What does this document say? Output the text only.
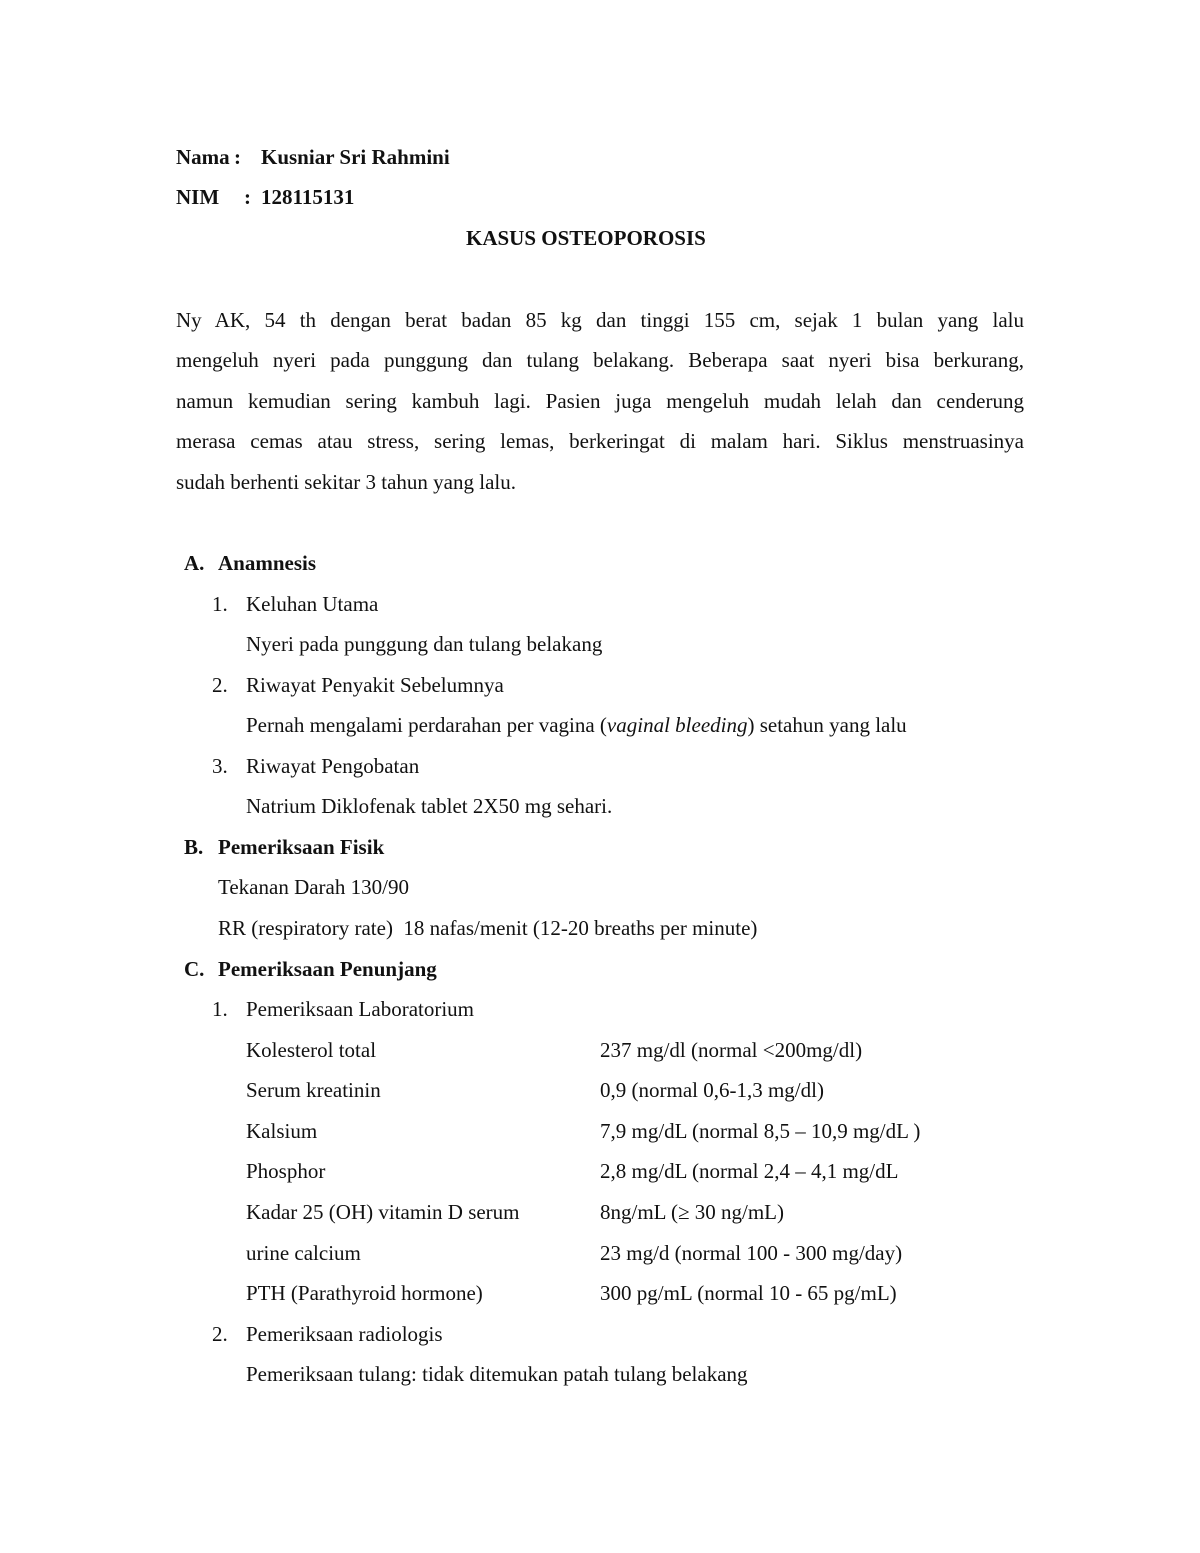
Nama : Kusniar Sri Rahmini
NIM : 128115131
KASUS OSTEOPOROSIS
Ny AK, 54 th dengan berat badan 85 kg dan tinggi 155 cm, sejak 1 bulan yang lalu
mengeluh nyeri pada punggung dan tulang belakang. Beberapa saat nyeri bisa berkurang,
namun kemudian sering kambuh lagi. Pasien juga mengeluh mudah lelah dan cenderung
merasa cemas atau stress, sering lemas, berkeringat di malam hari. Siklus menstruasinya
sudah berhenti sekitar 3 tahun yang lalu.
A. Anamnesis
1. Keluhan Utama
Nyeri pada punggung dan tulang belakang
2. Riwayat Penyakit Sebelumnya
Pernah mengalami perdarahan per vagina (vaginal bleeding) setahun yang lalu
3. Riwayat Pengobatan
Natrium Diklofenak tablet 2X50 mg sehari.
B. Pemeriksaan Fisik
Tekanan Darah 130/90
RR (respiratory rate)  18 nafas/menit (12-20 breaths per minute)
C. Pemeriksaan Penunjang
1. Pemeriksaan Laboratorium
Kolesterol total	237 mg/dl (normal <200mg/dl)
Serum kreatinin	0,9 (normal 0,6-1,3 mg/dl)
Kalsium	7,9 mg/dL (normal 8,5 – 10,9 mg/dL )
Phosphor	2,8 mg/dL (normal 2,4 – 4,1 mg/dL
Kadar 25 (OH) vitamin D serum	8ng/mL (≥ 30 ng/mL)
urine calcium	23 mg/d (normal 100 - 300 mg/day)
PTH (Parathyroid hormone)	300 pg/mL (normal 10 - 65 pg/mL)
2. Pemeriksaan radiologis
Pemeriksaan tulang: tidak ditemukan patah tulang belakang
